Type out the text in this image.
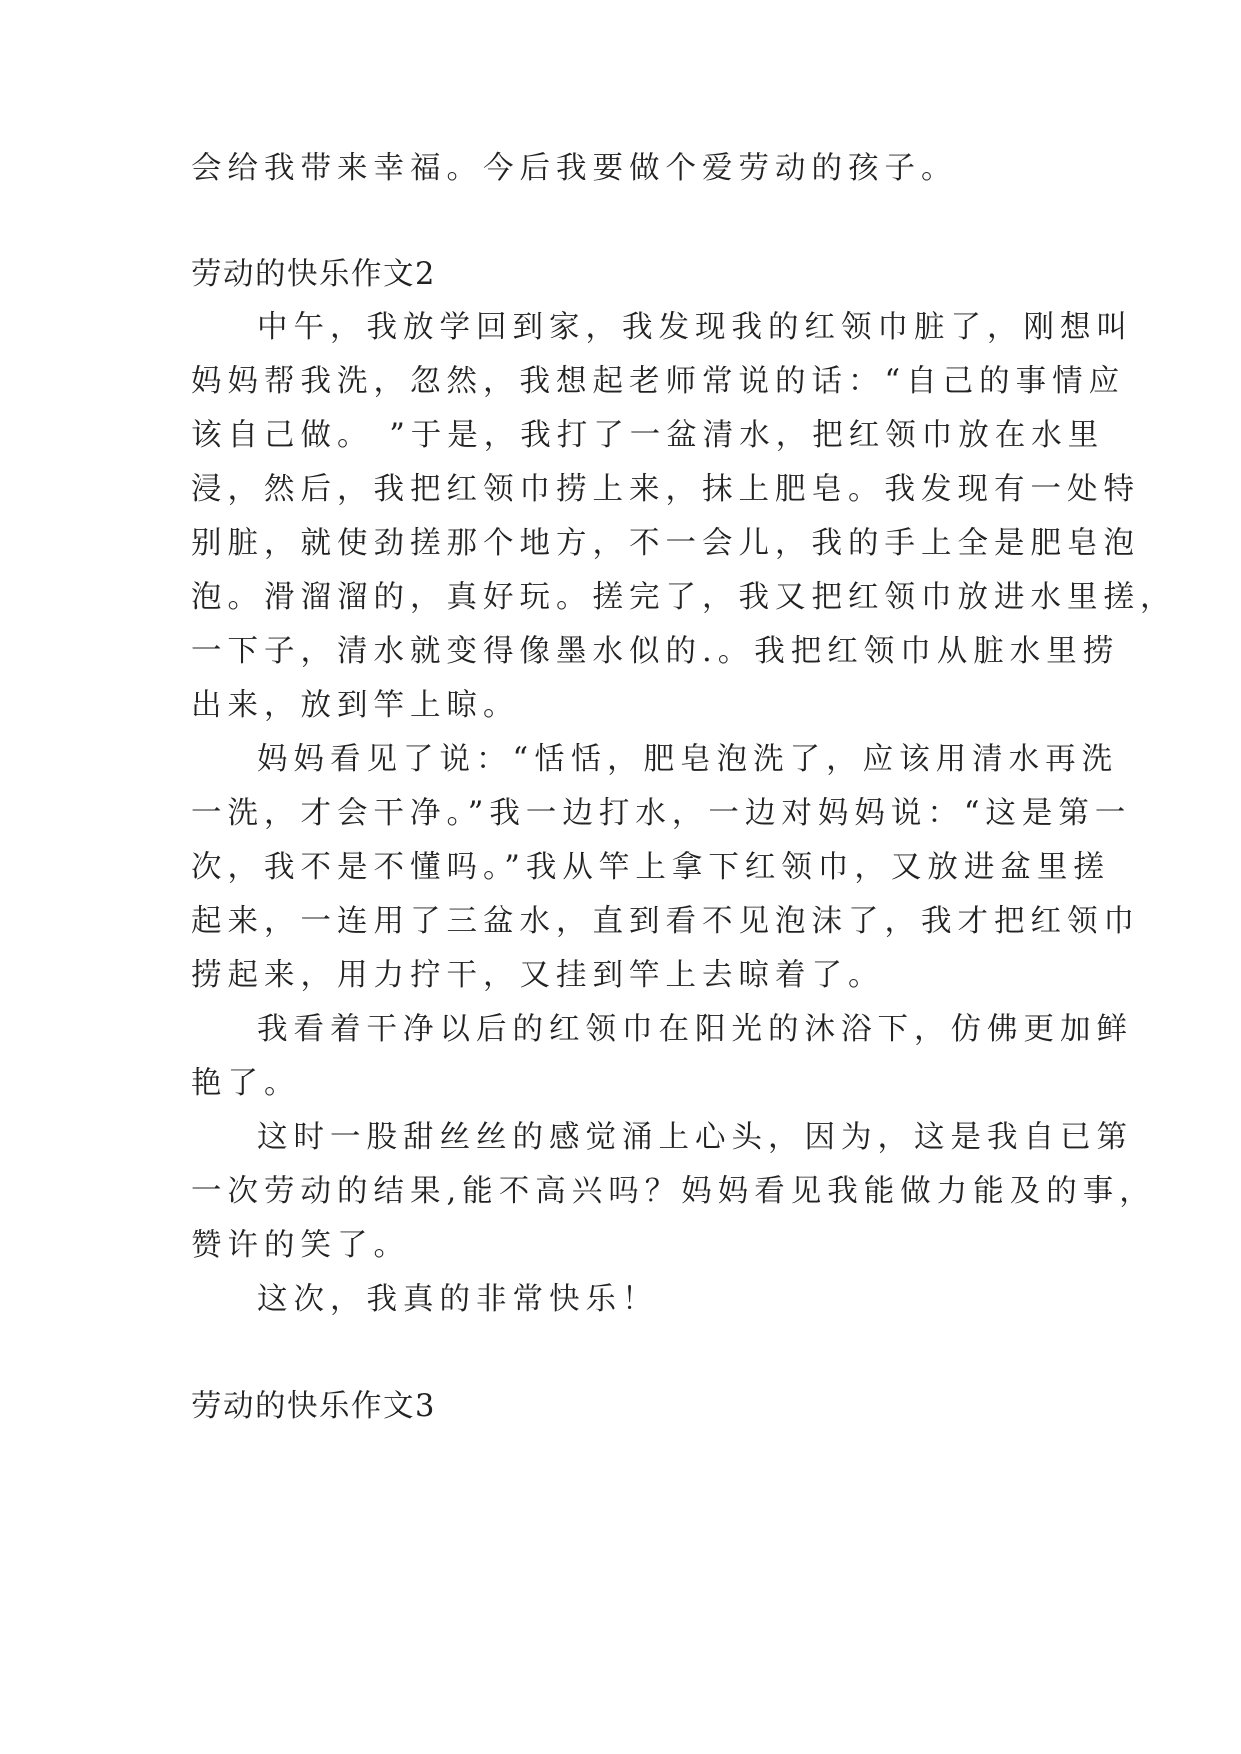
会给我带来幸福。今后我要做个爱劳动的孩子。
劳动的快乐作文2
中午，我放学回到家，我发现我的红领巾脏了，刚想叫
妈妈帮我洗，忽然，我想起老师常说的话：“自己的事情应
该自己做。 ”于是，我打了一盆清水，把红领巾放在水里
浸，然后，我把红领巾捞上来，抹上肥皂。我发现有一处特
别脏，就使劲搓那个地方，不一会儿，我的手上全是肥皂泡
泡。滑溜溜的，真好玩。搓完了，我又把红领巾放进水里搓，
一下子，清水就变得像墨水似的.。我把红领巾从脏水里捞
出来，放到竿上晾。
妈妈看见了说：“恬恬，肥皂泡洗了，应该用清水再洗
一洗，才会干净。”我一边打水，一边对妈妈说：“这是第一
次，我不是不懂吗。”我从竿上拿下红领巾，又放进盆里搓
起来，一连用了三盆水，直到看不见泡沫了，我才把红领巾
捞起来，用力拧干，又挂到竿上去晾着了。
我看着干净以后的红领巾在阳光的沐浴下，仿佛更加鲜
艳了。
这时一股甜丝丝的感觉涌上心头，因为，这是我自已第
一次劳动的结果,能不高兴吗？妈妈看见我能做力能及的事，
赞许的笑了。
这次，我真的非常快乐！
劳动的快乐作文3
